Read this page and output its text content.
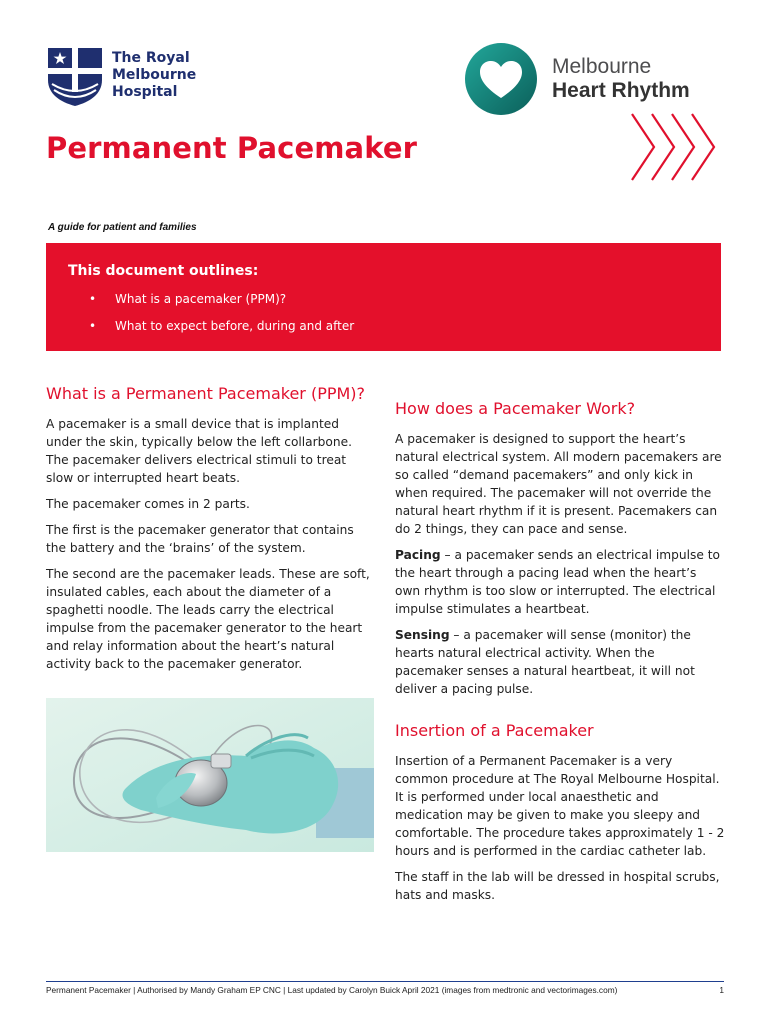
The Royal
Melbourne
Hospital
Melbourne
Heart Rhythm
Permanent Pacemaker
A guide for patient and families
This document outlines:
• What is a pacemaker (PPM)?
• What to expect before, during and after
What is a Permanent Pacemaker (PPM)?

A pacemaker is a small device that is implanted under the skin, typically below the left collarbone. The pacemaker delivers electrical stimuli to treat slow or interrupted heart beats.

The pacemaker comes in 2 parts.

The first is the pacemaker generator that contains the battery and the ‘brains’ of the system.

The second are the pacemaker leads. These are soft, insulated cables, each about the diameter of a spaghetti noodle. The leads carry the electrical impulse from the pacemaker generator to the heart and relay information about the heart’s natural activity back to the pacemaker generator.

How does a Pacemaker Work?

A pacemaker is designed to support the heart’s natural electrical system. All modern pacemakers are so called “demand pacemakers” and only kick in when required. The pacemaker will not override the natural heart rhythm if it is present. Pacemakers can do 2 things, they can pace and sense.

Pacing – a pacemaker sends an electrical impulse to the heart through a pacing lead when the heart’s own rhythm is too slow or interrupted. The electrical impulse stimulates a heartbeat.

Sensing – a pacemaker will sense (monitor) the hearts natural electrical activity. When the pacemaker senses a natural heartbeat, it will not deliver a pacing pulse.

Insertion of a Pacemaker

Insertion of a Permanent Pacemaker is a very common procedure at The Royal Melbourne Hospital. It is performed under local anaesthetic and medication may be given to make you sleepy and comfortable. The procedure takes approximately 1 - 2 hours and is performed in the cardiac catheter lab.

The staff in the lab will be dressed in hospital scrubs, hats and masks.

Permanent Pacemaker | Authorised by Mandy Graham EP CNC | Last updated by Carolyn Buick April 2021 (images from medtronic and vectorimages.com)	1
